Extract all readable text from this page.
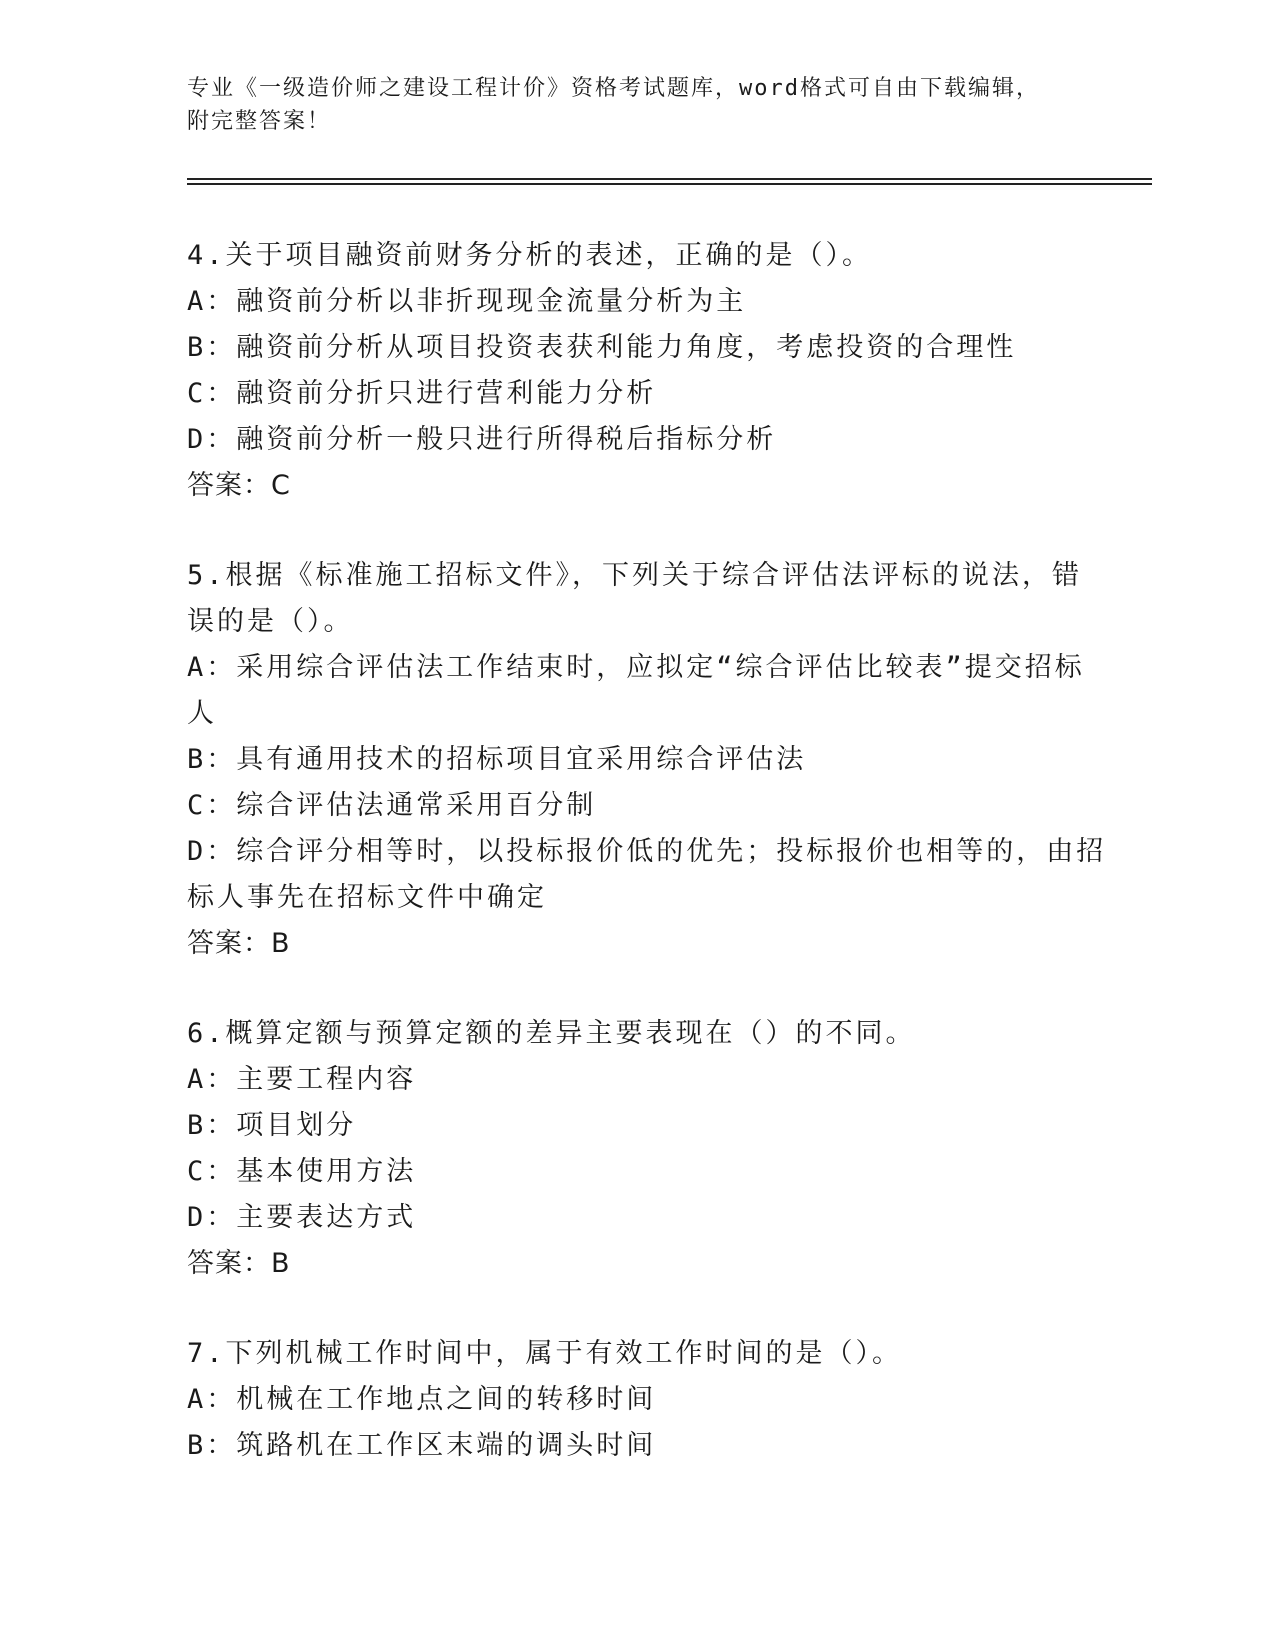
专业《一级造价师之建设工程计价》资格考试题库，word格式可自由下载编辑，
附完整答案！
4.关于项目融资前财务分析的表述，正确的是（）。
A：融资前分析以非折现现金流量分析为主
B：融资前分析从项目投资表获利能力角度，考虑投资的合理性
C：融资前分折只进行营利能力分析
D：融资前分析一般只进行所得税后指标分析
答案：C
5.根据《标准施工招标文件》，下列关于综合评估法评标的说法，错
误的是（）。
A：采用综合评估法工作结束时，应拟定“综合评估比较表”提交招标
人
B：具有通用技术的招标项目宜采用综合评估法
C：综合评估法通常采用百分制
D：综合评分相等时，以投标报价低的优先；投标报价也相等的，由招
标人事先在招标文件中确定
答案：B
6.概算定额与预算定额的差异主要表现在（）的不同。
A：主要工程内容
B：项目划分
C：基本使用方法
D：主要表达方式
答案：B
7.下列机械工作时间中，属于有效工作时间的是（）。
A：机械在工作地点之间的转移时间
B：筑路机在工作区末端的调头时间
